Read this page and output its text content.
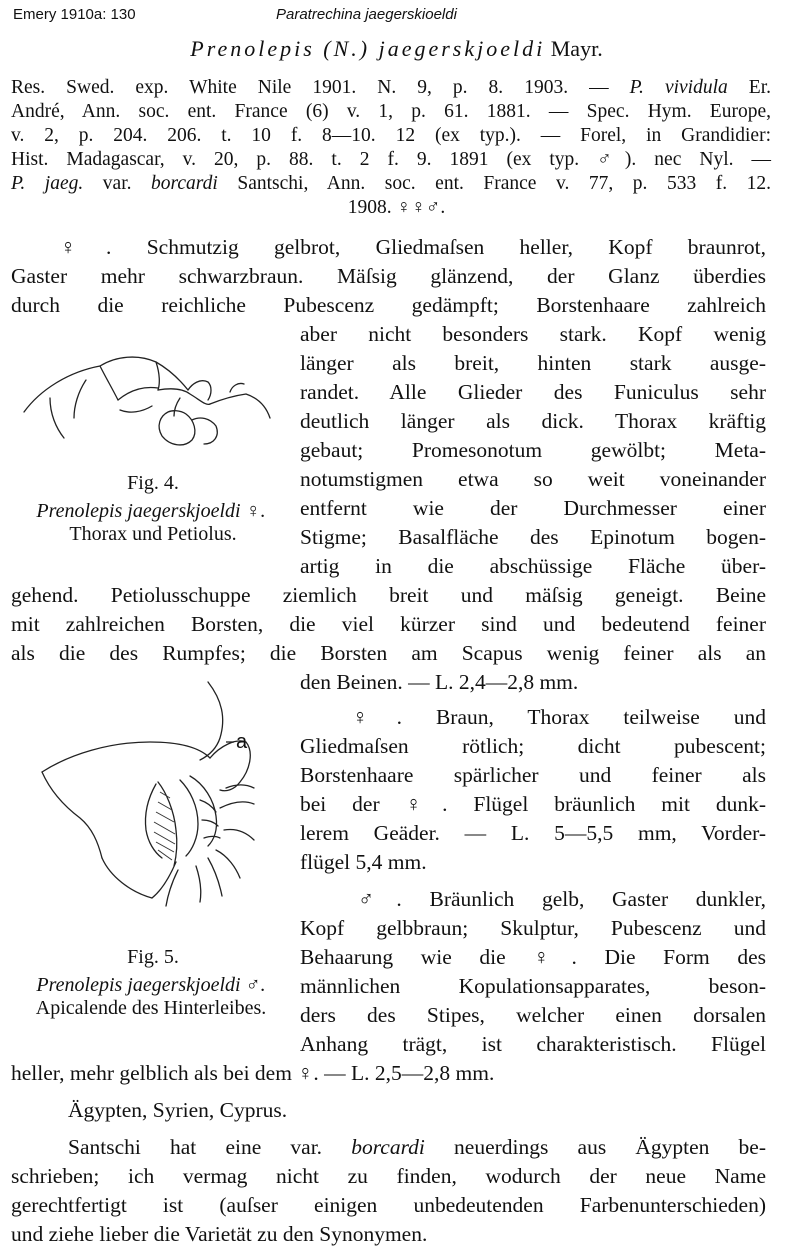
Emery 1910a: 130	Paratrechina jaegerskioeldi
Prenolepis (N.) jaegerskjoeldi Mayr.
Res. Swed. exp. White Nile 1901. N. 9, p. 8. 1903. — P. vividula Er.
André, Ann. soc. ent. France (6) v. 1, p. 61. 1881. — Spec. Hym. Europe,
v. 2, p. 204. 206. t. 10 f. 8—10. 12 (ex typ.). — Forel, in Grandidier:
Hist. Madagascar, v. 20, p. 88. t. 2 f. 9. 1891 (ex typ. ♂). nec Nyl. —
P. jaeg. var. borcardi Santschi, Ann. soc. ent. France v. 77, p. 533 f. 12.
1908. ♀♀♂.
♀. Schmutzig gelbrot, Gliedmaſsen heller, Kopf braunrot,
Gaster mehr schwarzbraun. Mäſsig glänzend, der Glanz überdies
durch die reichliche Pubescenz gedämpft; Borstenhaare zahlreich
aber nicht besonders stark. Kopf wenig
länger als breit, hinten stark ausge-
randet. Alle Glieder des Funiculus sehr
deutlich länger als dick. Thorax kräftig
gebaut; Promesonotum gewölbt; Meta-
notumstigmen etwa so weit voneinander
entfernt wie der Durchmesser einer
Stigme; Basalfläche des Epinotum bogen-
artig in die abschüssige Fläche über-
gehend. Petiolusschuppe ziemlich breit und mäſsig geneigt. Beine
mit zahlreichen Borsten, die viel kürzer sind und bedeutend feiner
als die des Rumpfes; die Borsten am Scapus wenig feiner als an
den Beinen. — L. 2,4—2,8 mm.
Fig. 4.
Prenolepis jaegerskjoeldi ♀.
Thorax und Petiolus.
♀. Braun, Thorax teilweise und
Gliedmaſsen rötlich; dicht pubescent;
Borstenhaare spärlicher und feiner als
bei der ♀. Flügel bräunlich mit dunk-
lerem Geäder. — L. 5—5,5 mm, Vorder-
flügel 5,4 mm.
♂. Bräunlich gelb, Gaster dunkler,
Kopf gelbbraun; Skulptur, Pubescenz und
Behaarung wie die ♀. Die Form des
männlichen Kopulationsapparates, beson-
ders des Stipes, welcher einen dorsalen
Anhang trägt, ist charakteristisch. Flügel
heller, mehr gelblich als bei dem ♀. — L. 2,5—2,8 mm.
a
Fig. 5.
Prenolepis jaegerskjoeldi ♂.
Apicalende des Hinterleibes.
Ägypten, Syrien, Cyprus.
Santschi hat eine var. borcardi neuerdings aus Ägypten be-
schrieben; ich vermag nicht zu finden, wodurch der neue Name
gerechtfertigt ist (auſser einigen unbedeutenden Farbenunterschieden)
und ziehe lieber die Varietät zu den Synonymen.
